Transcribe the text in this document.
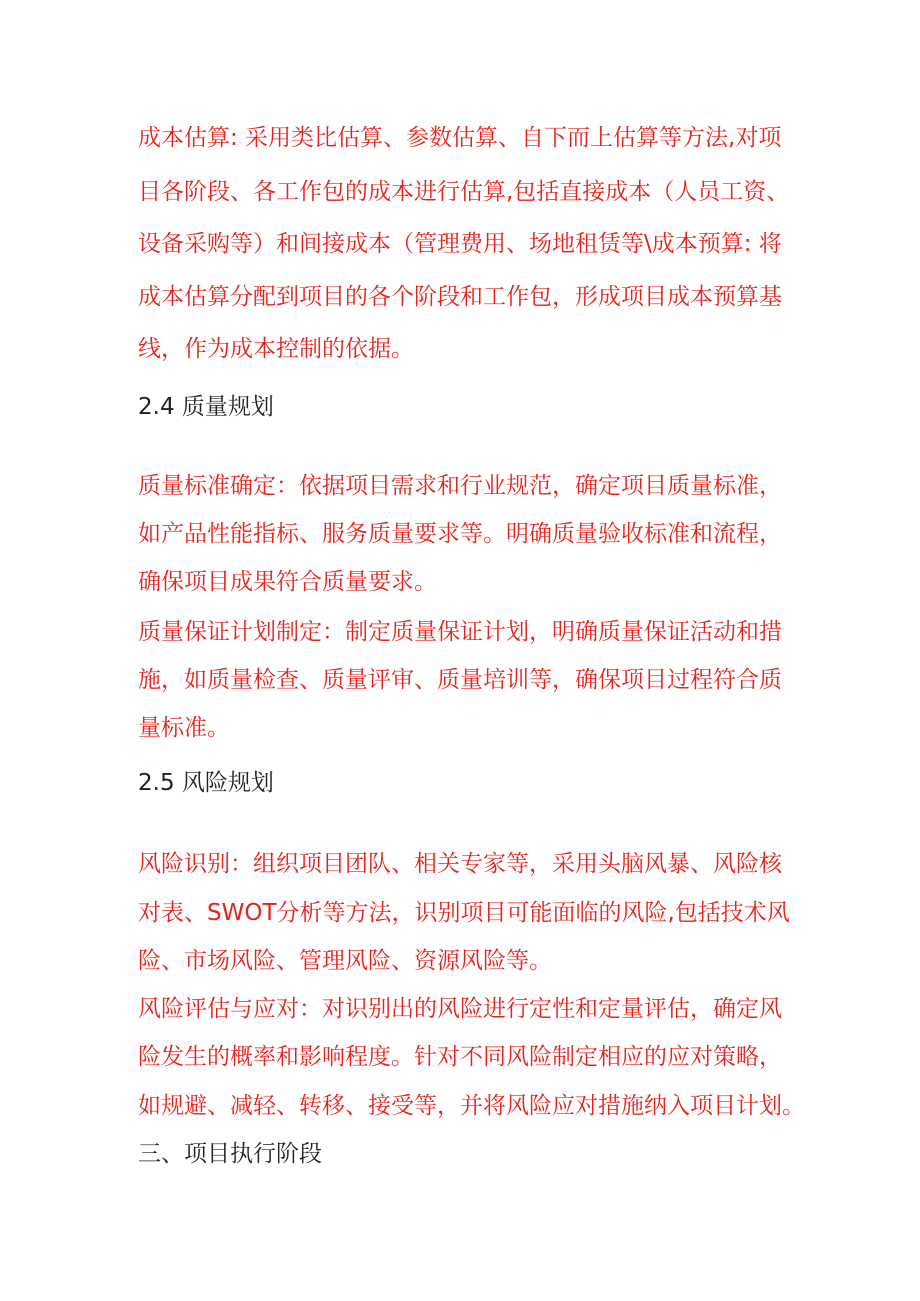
成本估算: 采用类比估算、参数估算、自下而上估算等方法,对项
目各阶段、各工作包的成本进行估算,包括直接成本（人员工资、
设备采购等）和间接成本（管理费用、场地租赁等\成本预算: 将
成本估算分配到项目的各个阶段和工作包，形成项目成本预算基
线，作为成本控制的依据。
2.4 质量规划
质量标准确定：依据项目需求和行业规范，确定项目质量标准，
如产品性能指标、服务质量要求等。明确质量验收标准和流程，
确保项目成果符合质量要求。
质量保证计划制定：制定质量保证计划，明确质量保证活动和措
施，如质量检查、质量评审、质量培训等，确保项目过程符合质
量标准。
2.5 风险规划
风险识别：组织项目团队、相关专家等，采用头脑风暴、风险核
对表、SWOT分析等方法，识别项目可能面临的风险,包括技术风
险、市场风险、管理风险、资源风险等。
风险评估与应对：对识别出的风险进行定性和定量评估，确定风
险发生的概率和影响程度。针对不同风险制定相应的应对策略，
如规避、减轻、转移、接受等，并将风险应对措施纳入项目计划。
三、项目执行阶段
